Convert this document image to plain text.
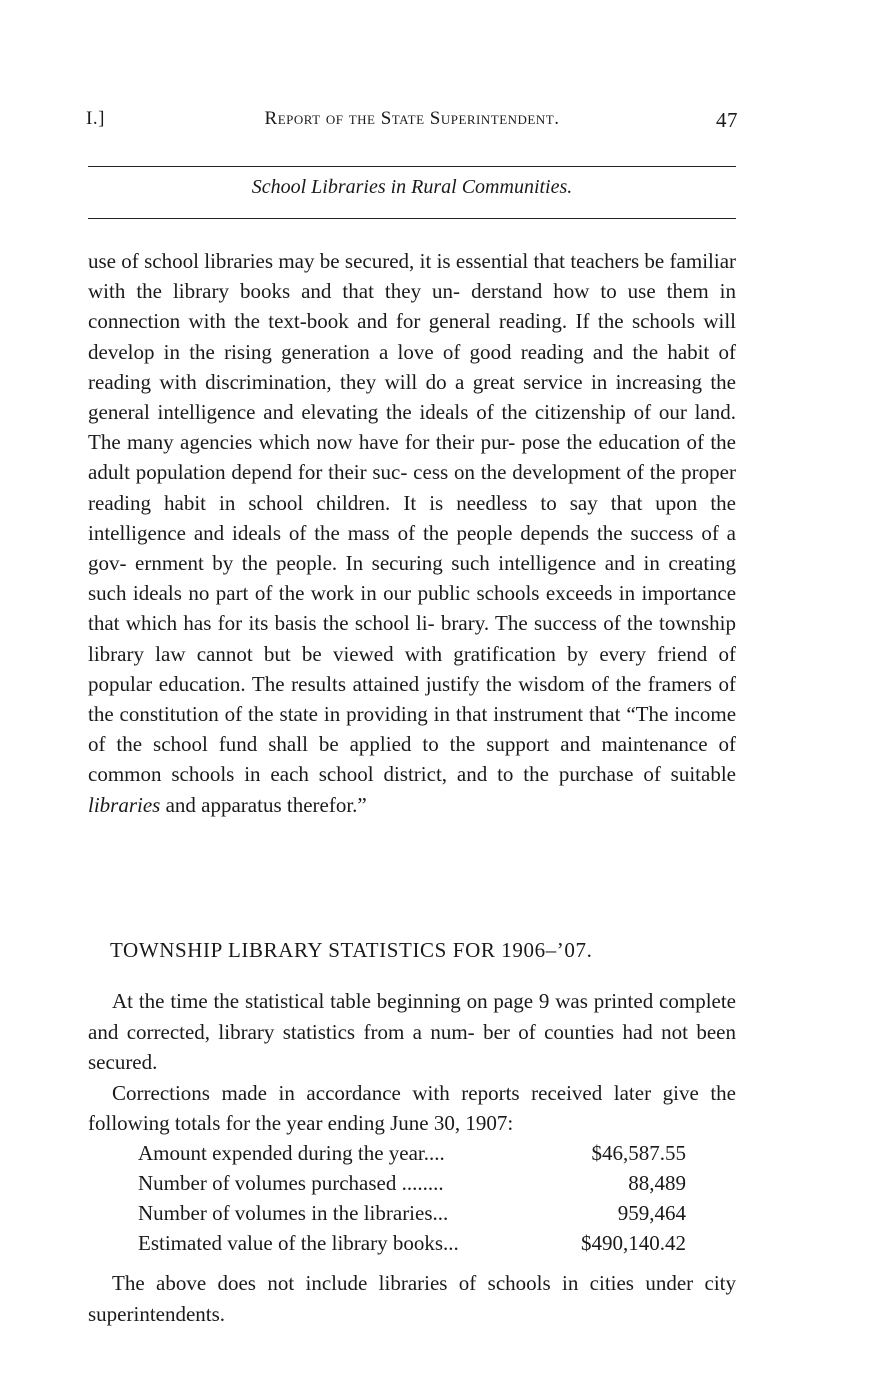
I.]	Report of the State Superintendent.	47
School Libraries in Rural Communities.

use of school libraries may be secured, it is essential that teachers be familiar with the library books and that they un- derstand how to use them in connection with the text-book and for general reading. If the schools will develop in the rising generation a love of good reading and the habit of reading with discrimination, they will do a great service in increasing the general intelligence and elevating the ideals of the citizenship of our land. The many agencies which now have for their pur- pose the education of the adult population depend for their suc- cess on the development of the proper reading habit in school children. It is needless to say that upon the intelligence and ideals of the mass of the people depends the success of a gov- ernment by the people. In securing such intelligence and in creating such ideals no part of the work in our public schools exceeds in importance that which has for its basis the school li- brary. The success of the township library law cannot but be viewed with gratification by every friend of popular education. The results attained justify the wisdom of the framers of the constitution of the state in providing in that instrument that “The income of the school fund shall be applied to the support and maintenance of common schools in each school district, and to the purchase of suitable libraries and apparatus therefor.”

TOWNSHIP LIBRARY STATISTICS FOR 1906–’07.

At the time the statistical table beginning on page 9 was printed complete and corrected, library statistics from a num- ber of counties had not been secured.

Corrections made in accordance with reports received later give the following totals for the year ending June 30, 1907:

Amount expended during the year....	$46,587.55
Number of volumes purchased ........	88,489
Number of volumes in the libraries...	959,464
Estimated value of the library books...	$490,140.42

The above does not include libraries of schools in cities under city superintendents.
